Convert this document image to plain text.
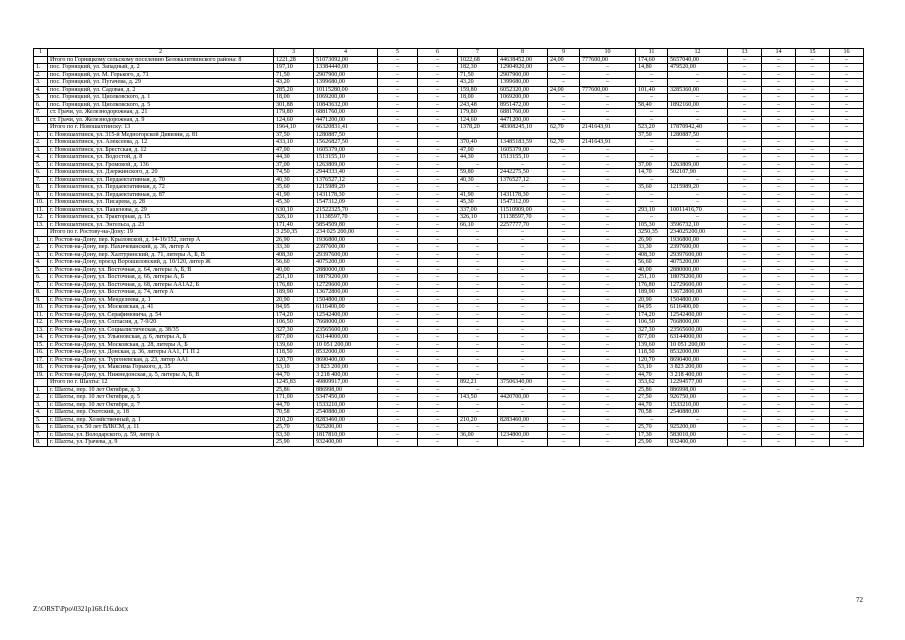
1	2	3	4	5	6	7	8	9	10	11	12	13	14	15	16
	Итого по Горняцкому сельскому поселению Белокалитвинского района: 8	1221,28	51073092,00	–	–	1022,68	44638452,00	24,00	777600,00	174,60	5657040,00	–	–	–	–
1.	пос. Горняцкий, ул. Западный, д. 2	197,10	13384440,00	–	–	182,30	12904920,00	–	–	14,80	479520,00	–	–	–	–
2.	пос. Горняцкий, ул. М. Горького, д. 71	71,50	2907900,00	–	–	71,50	2907900,00	–	–	–	–	–	–	–	–
3.	пос. Горняцкий, ул. Пугачева, д. 29	43,20	1399680,00	–	–	43,20	1399680,00	–	–	–	–	–	–	–	–
4.	пос. Горняцкий, ул. Садовая, д. 2	285,20	10115280,00	–	–	159,80	6052320,00	24,00	777600,00	101,40	3285360,00	–	–	–	–
5.	пос. Горняцкий, ул. Циолковского, д. 1	18,00	1069200,00	–	–	18,00	1069200,00	–	–	–	–	–	–	–	–
6.	пос. Горняцкий, ул. Циолковского, д. 5	301,88	10843632,00	–	–	243,48	8951472,00	–	–	58,40	1892160,00	–	–	–	–
7.	ст. Грачи, ул. Железнодорожная, д. 21	179,80	6881760,00	–	–	179,80	6881760,00	–	–	–	–	–	–	–	–
8.	ст. Грачи, ул. Железнодорожная, д. 9	124,60	4471200,00	–	–	124,60	4471200,00	–	–	–	–	–	–	–	–
	Итого по г. Новошахтинску: 13	1964,10	66320831,41	–	–	1378,20	48308245,10	62,70	2141643,91	523,20	17870942,40	–	–	–	–
1.	г. Новошахтинск, ул. 315-й Медногорской Дивизии, д. 81	37,50	1280887,50							37,50	1280887,50				
2.	г. Новошахтинск, ул. Алексеева, д. 12	433,10	15626827,50	–	–	370,40	13485183,59	62,70	2141643,91	–	–	–	–	–	–
3.	г. Новошахтинск, ул. Брестская, д. 12	47,00	1605379,00	–	–	47,00	1605379,00	–	–	–	–	–	–	–	–
4.	г. Новошахтинск, ул. Водостой, д. 8	44,30	1513155,10	–	–	44,30	1513155,10	–	–	–	–	–	–	–	–
5.	г. Новошахтинск, ул. Громовой, д. 136	37,00	1263809,00	–	–	–	–	–	–	37,00	1263809,00	–	–	–	–
6.	г. Новошахтинск, ул. Дзержинского, д. 20	74,50	2944333,40	–	–	59,80	2442275,50	–	–	14,70	502107,90	–	–	–	–
7.	г. Новошахтинск, ул. Пердаектативная, д. 70	40,30	1376527,12	–	–	40,30	1376527,12	–	–	–	–	–	–	–	–
8.	г. Новошахтинск, ул. Пердаектативная, д. 72	35,60	1215989,20	–	–	–	–	–	–	35,60	1215989,20	–	–	–	–
9.	г. Новошахтинск, ул. Пердаектативная, д. 87	41,90	1431178,30	–	–	41,90	1431178,30	–	–	–	–	–	–	–	–
10.	г. Новошахтинск, ул. Писарева, д. 28	45,30	1547312,09	–	–	45,30	1547312,09	–	–	–	–	–	–	–	–
11.	г. Новошахтинск, ул. Пашенова, д. 29	630,10	21522325,70	–	–	337,00	11510909,00	–	–	293,10	10011416,70	–	–	–	–
12.	г. Новошахтинск, ул. Тракторная, д. 15	326,10	11138597,70	–	–	326,10	11138597,70	–	–	–	–	–	–	–	–
13.	г. Новошахтинск, ул. Энгельса, д. 23	171,40	5854509,80	–	–	66,10	2257777,70	–	–	105,30	3596732,10	–	–	–	–
	Итого по г. Ростову-на-Дону: 19	3 250,35	234 025 200,00	–	–	–	–	–	–	3250,35	234025200,00	–	–	–	–
1.	г. Ростов-на-Дону, пер. Крыловской, д. 14-16/152, литер А	26,90	1936800,00	–	–	–	–	–	–	26,90	1936800,00	–	–	–	–
2.	г. Ростов-на-Дону, пер. Нахичеванский, д. 36, литер А	33,30	2397600,00	–	–	–	–	–	–	33,30	2397600,00	–	–	–	–
3.	г. Ростов-на-Дону, пер. Халтуринский, д. 71, литеры А, Б, В	408,30	29397600,00	–	–	–	–	–	–	408,30	29397600,00	–	–	–	–
4.	г. Ростов-на-Дону, проезд Ворошиловский, д. 10/120, литер Ж	56,60	4075200,00	–	–	–	–	–	–	56,60	4075200,00	–	–	–	–
5.	г. Ростов-на-Дону, ул. Восточная, д. 64, литеры А, Б, В	40,00	2880000,00	–	–	–	–	–	–	40,00	2880000,00	–	–	–	–
6.	г. Ростов-на-Дону, ул. Восточная, д. 66, литеры А, Б	251,10	18079200,00	–	–	–	–	–	–	251,10	18079200,00	–	–	–	–
7.	г. Ростов-на-Дону, ул. Восточная, д. 68, литеры АА1А2, Б	176,80	12729600,00	–	–	–	–	–	–	176,80	12729600,00	–	–	–	–
8.	г. Ростов-на-Дону, ул. Восточная, д. 74, литер А	189,90	13672800,00	–	–	–	–	–	–	189,90	13672800,00	–	–	–	–
9.	г. Ростов-на-Дону, ул. Менделеева, д. 1	20,90	1504800,00	–	–	–	–	–	–	20,90	1504800,00	–	–	–	–
10.	г. Ростов-на-Дону, ул. Московская, д. 41	84,95	6116400,00	–	–	–	–	–	–	84,95	6116400,00	–	–	–	–
11.	г. Ростов-на-Дону, ул. Серафимовича, д. 54	174,20	12542400,00	–	–	–	–	–	–	174,20	12542400,00	–	–	–	–
12.	г. Ростов-на-Дону, ул. Согласия, д. 7-9/20	106,50	7668000,00	–	–	–	–	–	–	106,50	7668000,00	–	–	–	–
13.	г. Ростов-на-Дону, ул. Социалистическая, д. 38/35	327,30	23565600,00	–	–	–	–	–	–	327,30	23565600,00	–	–	–	–
14.	г. Ростов-на-Дону, ул. Ульяновская, д. 6, литеры А, Б	877,00	63144000,00	–	–	–	–	–	–	877,00	63144000,00	–	–	–	–
15.	г. Ростов-на-Дону, ул. Московская, д. 28, литеры А, Б	139,60	10 051 200,00	–	–	–	–	–	–	139,60	10 051 200,00	–	–	–	–
16.	г. Ростов-на-Дону, ул. Донская, д. 36, литеры АА1, Г1 П 2	118,50	8532000,00	–	–	–	–	–	–	118,50	8532000,00	–	–	–	–
17.	г. Ростов-на-Дону, ул. Тургеневская, д. 23, литер АА1	120,70	8690400,00	–	–	–	–	–	–	120,70	8690400,00	–	–	–	–
18.	г. Ростов-на-Дону, ул. Максима Горького, д. 35	53,10	3 823 200,00	–	–	–	–	–	–	53,10	3 823 200,00	–	–	–	–
19.	г. Ростов-на-Дону, ул. Нижнедонская, д. 5, литеры А, Б, В	44,70	3 218 400,00	–	–	–	–	–	–	44,70	3 218 400,00	–	–	–	–
	Итого по г. Шахты: 12	1245,83	49809917,00	–	–	892,21	37506340,00	–	–	353,62	12294577,00	–	–	–	–
1.	г. Шахты, пер. 10 лет Октября, д. 3	25,86	886998,00	–	–	–	–	–	–	25,86	886998,00	–	–	–	–
2.	г. Шахты, пер. 10 лет Октября, д. 5	171,00	5347450,00	–	–	143,50	4420700,00	–	–	27,50	926750,00	–	–	–	–
3.	г. Шахты, пер. 10 лет Октября, д. 7	44,70	1533210,00	–	–	–	–	–	–	44,70	1533210,00	–	–	–	–
4.	г. Шахты, пер. Охотский, д. 18	70,58	2540880,00	–	–	–	–	–	–	70,58	2540880,00	–	–	–	–
5.	г. Шахты, пер. Хозяйственный, д. 1	210,20	8283460,00	–	–	210,20	8283460,00	–	–	–	–	–	–	–	–
6.	г. Шахты, ул. 50 лет ВЛКСМ, д. 11	25,70	925200,00	–	–	–	–	–	–	25,70	925200,00	–	–	–	–
7.	г. Шахты, ул. Володарского, д. 59, литер А	53,30	1817810,00	–	–	36,00	1234800,00	–	–	17,30	583010,00	–	–	–	–
8.	г. Шахты, ул. Грачева, д. 9	25,90	932400,00	–	–	–	–	–	–	25,90	932400,00	–	–	–	–
72
Z:\ORST\Ppo\0321p168.f16.docx
